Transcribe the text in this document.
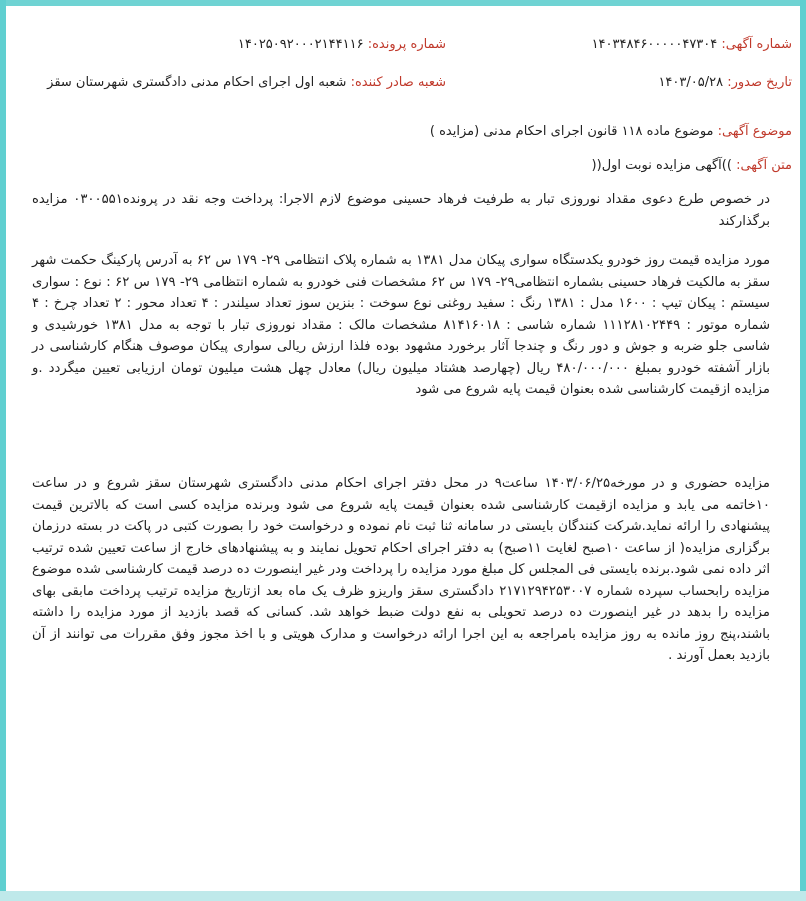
شماره آگهی: ۱۴۰۳۴۸۴۶۰۰۰۰۰۴۷۳۰۴
شماره پرونده: ۱۴۰۲۵۰۹۲۰۰۰۲۱۴۴۱۱۶
تاریخ صدور: ۱۴۰۳/۰۵/۲۸
شعبه صادر کننده: شعبه اول اجرای احکام مدنی دادگستری شهرستان سقز
موضوع آگهی: موضوع ماده ۱۱۸ قانون اجرای احکام مدنی (مزایده )
متن آگهی: ))آگهی مزایده نوبت اول((

در خصوص طرع دعوی مقداد نوروزی تبار به طرفیت فرهاد حسینی موضوع لازم الاجرا: پرداخت وجه نقد در پرونده۰۳۰۰۵۵۱ مزایده برگذارکند

مورد مزایده قیمت روز خودرو یکدستگاه سواری پیکان مدل ۱۳۸۱ به شماره پلاک انتظامی ۲۹- ۱۷۹ س ۶۲ به آدرس پارکینگ حکمت شهر سقز به مالکیت فرهاد حسینی بشماره انتظامی۲۹- ۱۷۹ س ۶۲ مشخصات فنی خودرو به شماره انتظامی ۲۹- ۱۷۹ س ۶۲ : نوع : سواری سیستم : پیکان تیپ : ۱۶۰۰ مدل : ۱۳۸۱ رنگ : سفید روغنی نوع سوخت : بنزین سوز تعداد سیلندر : ۴ تعداد محور : ۲ تعداد چرخ : ۴ شماره موتور : ۱۱۱۲۸۱۰۲۴۴۹ شماره شاسی : ۸۱۴۱۶۰۱۸ مشخصات مالک : مقداد نوروزی تبار با توجه به مدل ۱۳۸۱ خورشیدی و شاسی جلو ضربه و جوش و دور رنگ و چندجا آثار برخورد مشهود بوده فلذا ارزش ریالی سواری پیکان موصوف هنگام کارشناسی در بازار آشفته خودرو بمبلغ ۴۸۰/۰۰۰/۰۰۰ ریال (چهارصد هشتاد میلیون ریال) معادل چهل هشت میلیون تومان ارزیابی تعیین میگردد .و مزایده ازقیمت کارشناسی شده بعنوان قیمت پایه شروع می شود

مزایده حضوری و در مورخه۱۴۰۳/۰۶/۲۵ ساعت۹ در محل دفتر اجرای احکام مدنی دادگستری شهرستان سقز شروع و در ساعت ۱۰خاتمه می یابد و مزایده ازقیمت کارشناسی شده بعنوان قیمت پایه شروع می شود وبرنده مزایده کسی است که بالاترین قیمت پیشنهادی را ارائه نماید.شرکت کنندگان بایستی در سامانه ثنا ثبت نام نموده و درخواست خود را بصورت کتبی در پاکت در بسته درزمان برگزاری مزایده( از ساعت ۱۰صبح لغایت ۱۱صبح) به دفتر اجرای احکام تحویل نمایند و به پیشنهادهای خارج از ساعت تعیین شده ترتیب اثر داده نمی شود.برنده بایستی فی المجلس کل مبلغ مورد مزایده را پرداخت ودر غیر اینصورت ده درصد قیمت کارشناسی شده موضوع مزایده رابحساب سپرده شماره ۲۱۷۱۲۹۴۲۵۳۰۰۷ دادگستری سقز واریزو ظرف یک ماه بعد ازتاریخ مزایده ترتیب پرداخت مابقی بهای مزایده را بدهد در غیر اینصورت ده درصد تحویلی به نفع دولت ضبط خواهد شد. کسانی که قصد بازدید از مورد مزایده را داشته باشند،پنج روز مانده به روز مزایده بامراجعه به این اجرا ارائه درخواست و مدارک هویتی و با اخذ مجوز وفق مقررات می توانند از آن بازدید بعمل آورند .
